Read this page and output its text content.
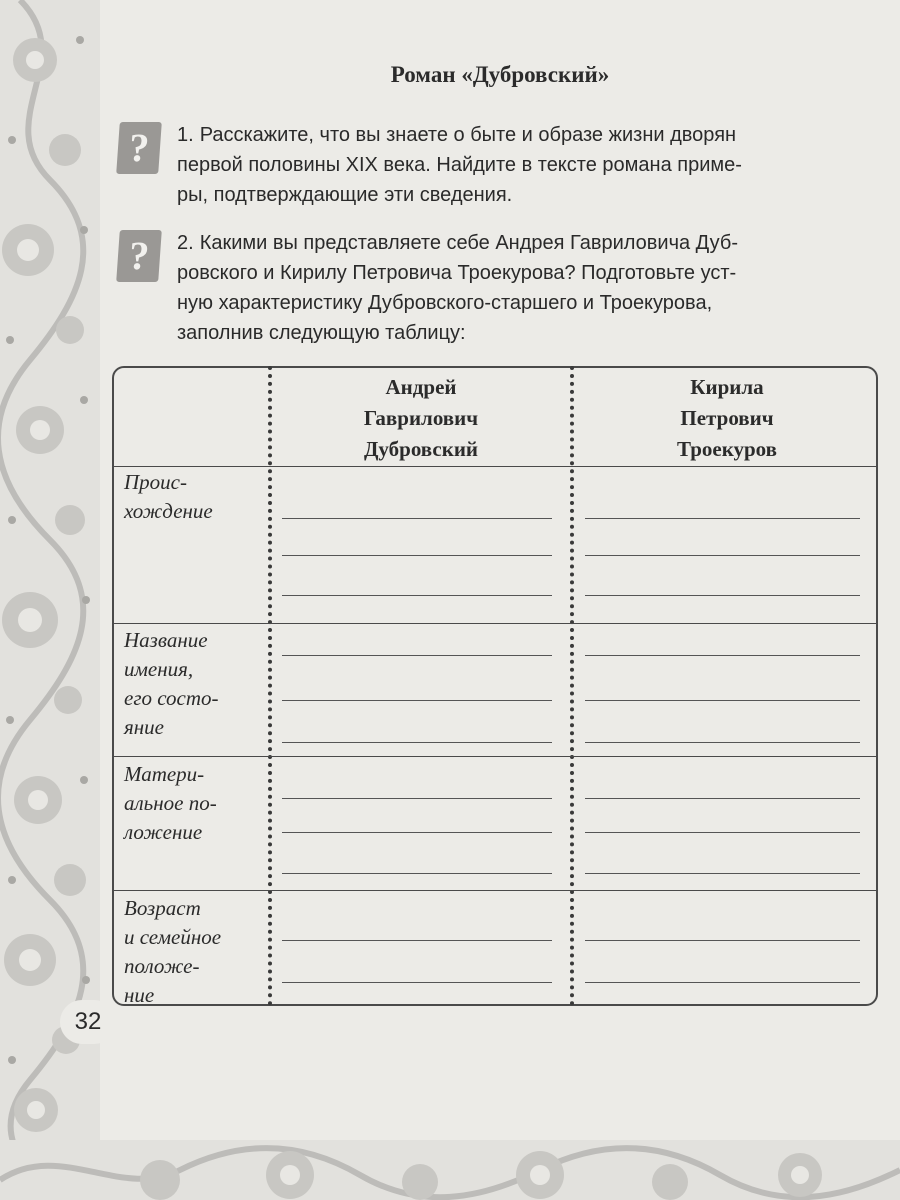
Роман «Дубровский»
? 1. Расскажите, что вы знаете о быте и образе жизни дворян
первой половины XIX века. Найдите в тексте романа приме-
ры, подтверждающие эти сведения.
? 2. Какими вы представляете себе Андрея Гавриловича Дуб-
ровского и Кирилу Петровича Троекурова? Подготовьте уст-
ную характеристику Дубровского-старшего и Троекурова,
заполнив следующую таблицу:
Андрей
Гаврилович
Дубровский
Кирила
Петрович
Троекуров
Проис-
хождение
Название
имения,
его состо-
яние
Матери-
альное по-
ложение
Возраст
и семейное
положе-
ние
32
